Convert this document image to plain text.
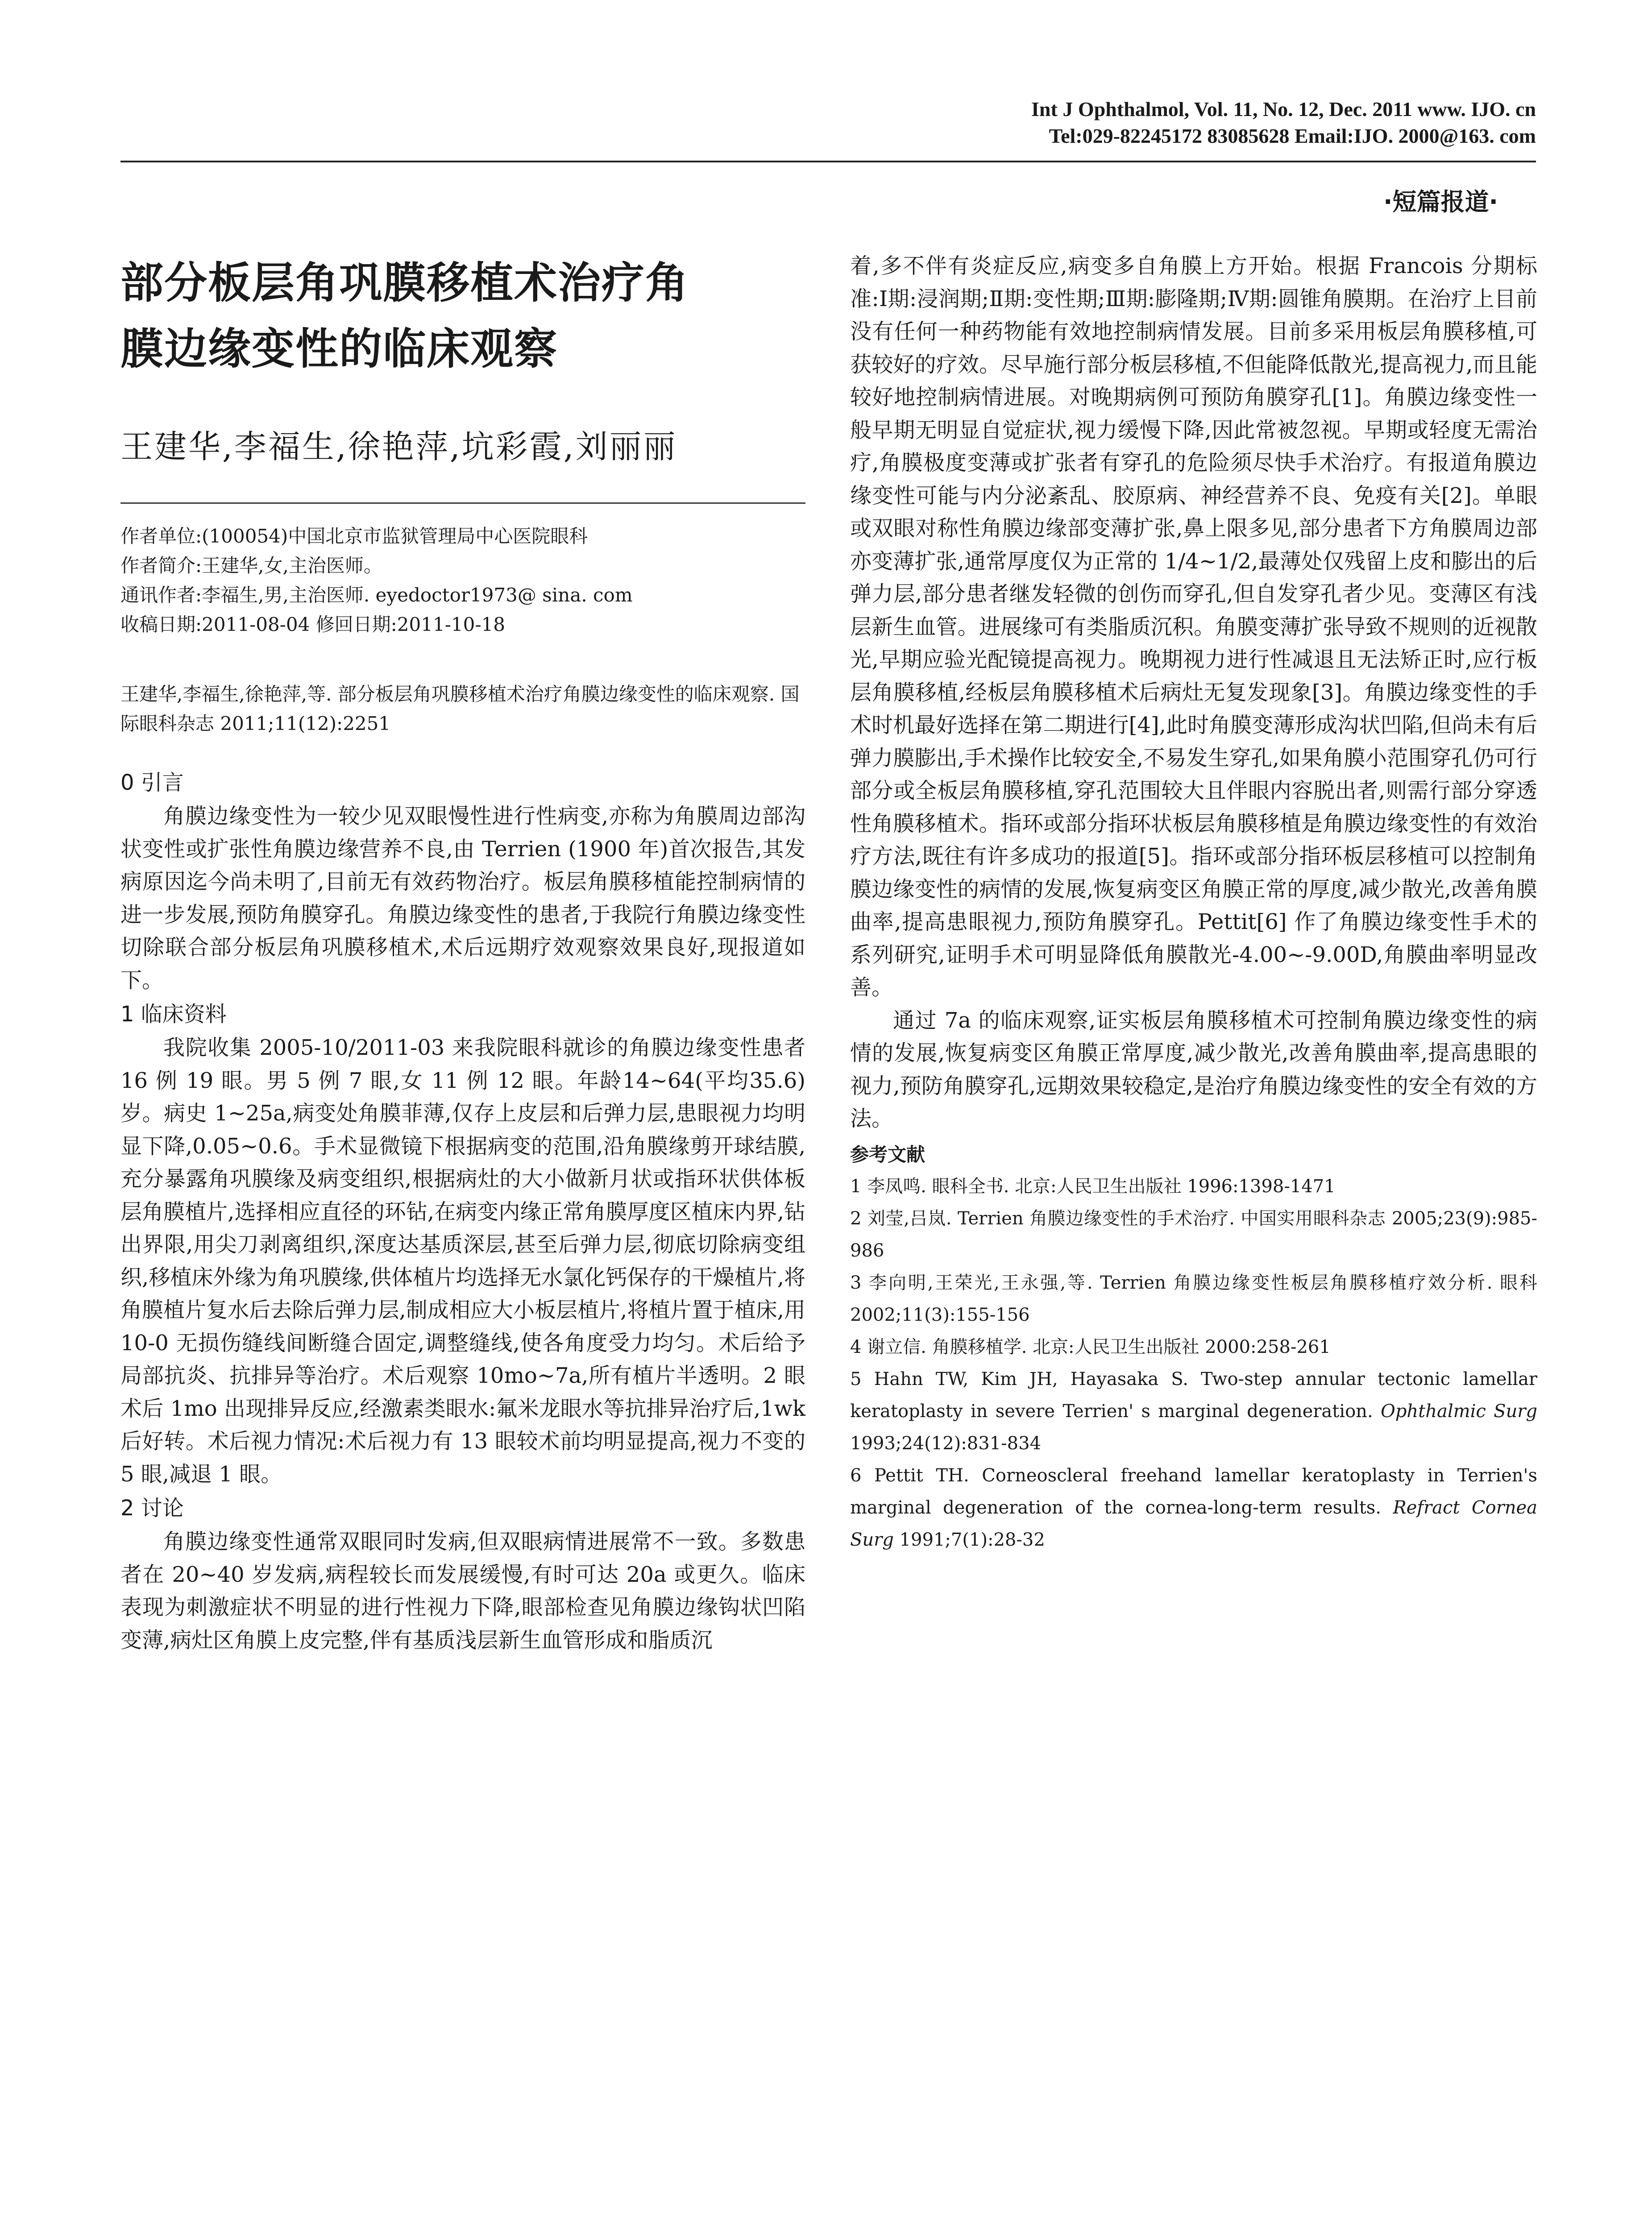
Int J Ophthalmol, Vol. 11, No. 12, Dec. 2011 www. IJO. cn
Tel:029-82245172 83085628 Email:IJO. 2000@163. com
·短篇报道·
部分板层角巩膜移植术治疗角
膜边缘变性的临床观察
王建华,李福生,徐艳萍,坑彩霞,刘丽丽
作者单位:(100054)中国北京市监狱管理局中心医院眼科
作者简介:王建华,女,主治医师。
通讯作者:李福生,男,主治医师. eyedoctor1973@ sina. com
收稿日期:2011-08-04 修回日期:2011-10-18
王建华,李福生,徐艳萍,等. 部分板层角巩膜移植术治疗角膜边缘变性的临床观察. 国际眼科杂志 2011;11(12):2251
0 引言

角膜边缘变性为一较少见双眼慢性进行性病变,亦称为角膜周边部沟状变性或扩张性角膜边缘营养不良,由 Terrien (1900 年)首次报告,其发病原因迄今尚未明了,目前无有效药物治疗。板层角膜移植能控制病情的进一步发展,预防角膜穿孔。角膜边缘变性的患者,于我院行角膜边缘变性切除联合部分板层角巩膜移植术,术后远期疗效观察效果良好,现报道如下。

1 临床资料

我院收集 2005-10/2011-03 来我院眼科就诊的角膜边缘变性患者 16 例 19 眼。男 5 例 7 眼,女 11 例 12 眼。年龄14~64(平均35.6)岁。病史 1~25a,病变处角膜菲薄,仅存上皮层和后弹力层,患眼视力均明显下降,0.05~0.6。手术显微镜下根据病变的范围,沿角膜缘剪开球结膜,充分暴露角巩膜缘及病变组织,根据病灶的大小做新月状或指环状供体板层角膜植片,选择相应直径的环钻,在病变内缘正常角膜厚度区植床内界,钻出界限,用尖刀剥离组织,深度达基质深层,甚至后弹力层,彻底切除病变组织,移植床外缘为角巩膜缘,供体植片均选择无水氯化钙保存的干燥植片,将角膜植片复水后去除后弹力层,制成相应大小板层植片,将植片置于植床,用 10-0 无损伤缝线间断缝合固定,调整缝线,使各角度受力均匀。术后给予局部抗炎、抗排异等治疗。术后观察 10mo~7a,所有植片半透明。2 眼术后 1mo 出现排异反应,经激素类眼水:氟米龙眼水等抗排异治疗后,1wk 后好转。术后视力情况:术后视力有 13 眼较术前均明显提高,视力不变的 5 眼,减退 1 眼。

2 讨论

角膜边缘变性通常双眼同时发病,但双眼病情进展常不一致。多数患者在 20~40 岁发病,病程较长而发展缓慢,有时可达 20a 或更久。临床表现为刺激症状不明显的进行性视力下降,眼部检查见角膜边缘钩状凹陷变薄,病灶区角膜上皮完整,伴有基质浅层新生血管形成和脂质沉

着,多不伴有炎症反应,病变多自角膜上方开始。根据 Francois 分期标准:Ⅰ期:浸润期;Ⅱ期:变性期;Ⅲ期:膨隆期;Ⅳ期:圆锥角膜期。在治疗上目前没有任何一种药物能有效地控制病情发展。目前多采用板层角膜移植,可获较好的疗效。尽早施行部分板层移植,不但能降低散光,提高视力,而且能较好地控制病情进展。对晚期病例可预防角膜穿孔[1]。角膜边缘变性一般早期无明显自觉症状,视力缓慢下降,因此常被忽视。早期或轻度无需治疗,角膜极度变薄或扩张者有穿孔的危险须尽快手术治疗。有报道角膜边缘变性可能与内分泌紊乱、胶原病、神经营养不良、免疫有关[2]。单眼或双眼对称性角膜边缘部变薄扩张,鼻上限多见,部分患者下方角膜周边部亦变薄扩张,通常厚度仅为正常的 1/4~1/2,最薄处仅残留上皮和膨出的后弹力层,部分患者继发轻微的创伤而穿孔,但自发穿孔者少见。变薄区有浅层新生血管。进展缘可有类脂质沉积。角膜变薄扩张导致不规则的近视散光,早期应验光配镜提高视力。晚期视力进行性减退且无法矫正时,应行板层角膜移植,经板层角膜移植术后病灶无复发现象[3]。角膜边缘变性的手术时机最好选择在第二期进行[4],此时角膜变薄形成沟状凹陷,但尚未有后弹力膜膨出,手术操作比较安全,不易发生穿孔,如果角膜小范围穿孔仍可行部分或全板层角膜移植,穿孔范围较大且伴眼内容脱出者,则需行部分穿透性角膜移植术。指环或部分指环状板层角膜移植是角膜边缘变性的有效治疗方法,既往有许多成功的报道[5]。指环或部分指环板层移植可以控制角膜边缘变性的病情的发展,恢复病变区角膜正常的厚度,减少散光,改善角膜曲率,提高患眼视力,预防角膜穿孔。Pettit[6] 作了角膜边缘变性手术的系列研究,证明手术可明显降低角膜散光-4.00~-9.00D,角膜曲率明显改善。

通过 7a 的临床观察,证实板层角膜移植术可控制角膜边缘变性的病情的发展,恢复病变区角膜正常厚度,减少散光,改善角膜曲率,提高患眼的视力,预防角膜穿孔,远期效果较稳定,是治疗角膜边缘变性的安全有效的方法。

参考文献
1 李凤鸣. 眼科全书. 北京:人民卫生出版社 1996:1398-1471
2 刘莹,吕岚. Terrien 角膜边缘变性的手术治疗. 中国实用眼科杂志 2005;23(9):985-986
3 李向明,王荣光,王永强,等. Terrien 角膜边缘变性板层角膜移植疗效分析. 眼科 2002;11(3):155-156
4 谢立信. 角膜移植学. 北京:人民卫生出版社 2000:258-261
5 Hahn TW, Kim JH, Hayasaka S. Two-step annular tectonic lamellar keratoplasty in severe Terrien' s marginal degeneration. Ophthalmic Surg 1993;24(12):831-834
6 Pettit TH. Corneoscleral freehand lamellar keratoplasty in Terrien's marginal degeneration of the cornea-long-term results. Refract Cornea Surg 1991;7(1):28-32
